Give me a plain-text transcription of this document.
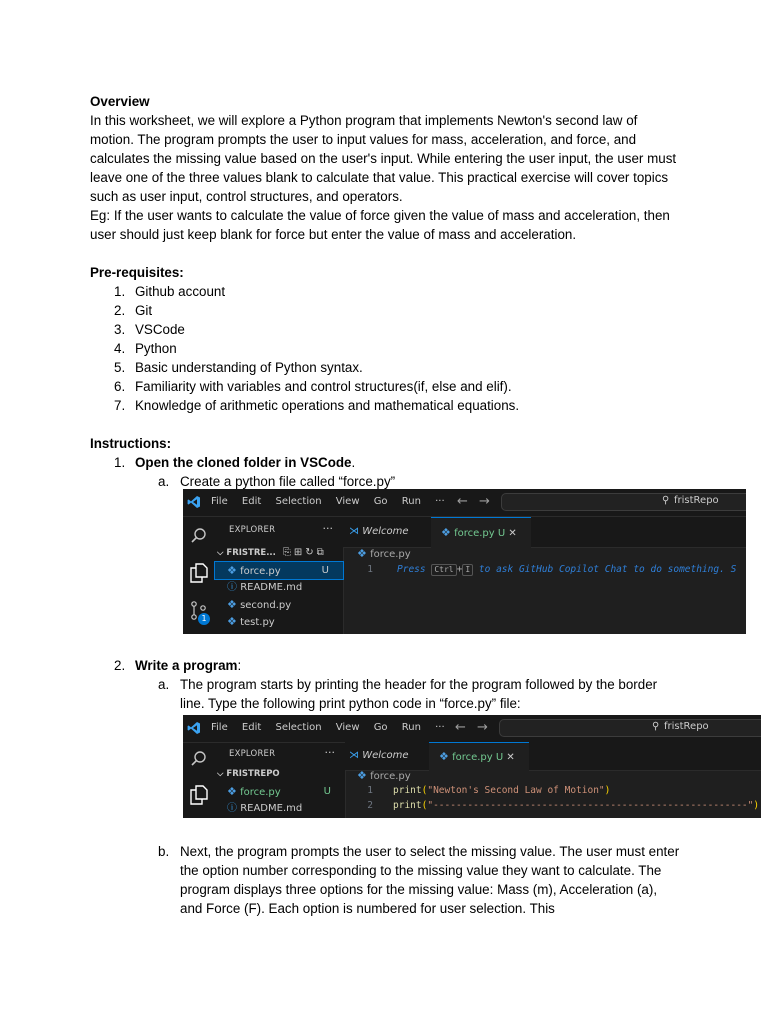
Overview

In this worksheet, we will explore a Python program that implements Newton's second law of motion. The program prompts the user to input values for mass, acceleration, and force, and calculates the missing value based on the user's input. While entering the user input, the user must leave one of the three values blank to calculate that value. This practical exercise will cover topics such as user input, control structures, and operators.

Eg: If the user wants to calculate the value of force given the value of mass and acceleration, then user should just keep blank for force but enter the value of mass and acceleration.

Pre-requisites:

1. Github account
2. Git
3. VSCode
4. Python
5. Basic understanding of Python syntax.
6. Familiarity with variables and control structures(if, else and elif).
7. Knowledge of arithmetic operations and mathematical equations.

Instructions:

1. Open the cloned folder in VSCode.
a. Create a python file called “force.py”
2. Write a program:
a. The program starts by printing the header for the program followed by the border line. Type the following print python code in “force.py” file:
b. Next, the program prompts the user to select the missing value. The user must enter the option number corresponding to the missing value they want to calculate. The program displays three options for the missing value: Mass (m), Acceleration (a), and Force (F). Each option is numbered for user selection. This
File Edit Selection View Go Run ··· ← →	⚲ fristRepo
1
EXPLORER	···
⌵ FRISTRE... ⎘⊞↻⧉
❖ force.py	U
ⓘ README.md
❖ second.py
❖ test.py
⋊ Welcome	❖ force.py U ✕
❖ force.py
1	Press Ctrl + I to ask GitHub Copilot Chat to do something. S
File Edit Selection View Go Run ··· ← →	⚲ fristRepo
EXPLORER	···
⌵ FRISTREPO
❖ force.py	U
ⓘ README.md
⋊ Welcome	❖ force.py U ✕
❖ force.py
1 print("Newton's Second Law of Motion")
2 print("-------------------------------------------------------")
